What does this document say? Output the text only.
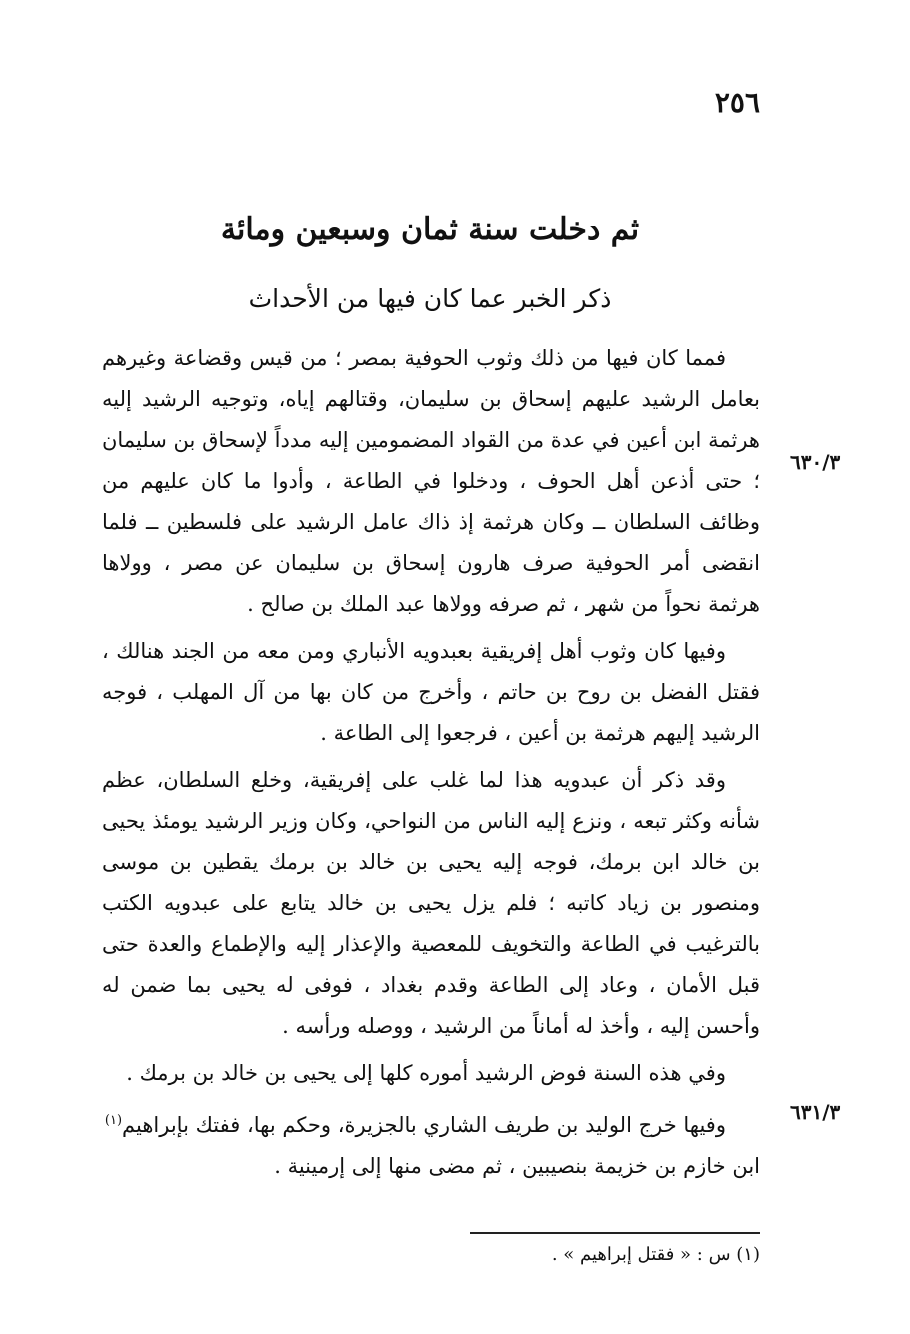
٢٥٦
ثم دخلت سنة ثمان وسبعين ومائة
ذكر الخبر عما كان فيها من الأحداث
٦٣٠/٣
٦٣١/٣

فمما كان فيها من ذلك وثوب الحوفية بمصر ؛ من قيس وقضاعة وغيرهم بعامل الرشيد عليهم إسحاق بن سليمان، وقتالهم إياه، وتوجيه الرشيد إليه هرثمة ابن أعين في عدة من القواد المضمومين إليه مدداً لإسحاق بن سليمان ؛ حتى أذعن أهل الحوف ، ودخلوا في الطاعة ، وأدوا ما كان عليهم من وظائف السلطان ــ وكان هرثمة إذ ذاك عامل الرشيد على فلسطين ــ فلما انقضى أمر الحوفية صرف هارون إسحاق بن سليمان عن مصر ، وولاها هرثمة نحواً من شهر ، ثم صرفه وولاها عبد الملك بن صالح .

وفيها كان وثوب أهل إفريقية بعبدويه الأنباري ومن معه من الجند هنالك ، فقتل الفضل بن روح بن حاتم ، وأخرج من كان بها من آل المهلب ، فوجه الرشيد إليهم هرثمة بن أعين ، فرجعوا إلى الطاعة .

وقد ذكر أن عبدويه هذا لما غلب على إفريقية، وخلع السلطان، عظم شأنه وكثر تبعه ، ونزع إليه الناس من النواحي، وكان وزير الرشيد يومئذ يحيى بن خالد ابن برمك، فوجه إليه يحيى بن خالد بن برمك يقطين بن موسى ومنصور بن زياد كاتبه ؛ فلم يزل يحيى بن خالد يتابع على عبدويه الكتب بالترغيب في الطاعة والتخويف للمعصية والإعذار إليه والإطماع والعدة حتى قبل الأمان ، وعاد إلى الطاعة وقدم بغداد ، فوفى له يحيى بما ضمن له وأحسن إليه ، وأخذ له أماناً من الرشيد ، ووصله ورأسه .

وفي هذه السنة فوض الرشيد أموره كلها إلى يحيى بن خالد بن برمك .

وفيها خرج الوليد بن طريف الشاري بالجزيرة، وحكم بها، ففتك بإبراهيم$^{(١)}$

ابن خازم بن خزيمة بنصيبين ، ثم مضى منها إلى إرمينية .

(١) س : « فقتل إبراهيم » .
